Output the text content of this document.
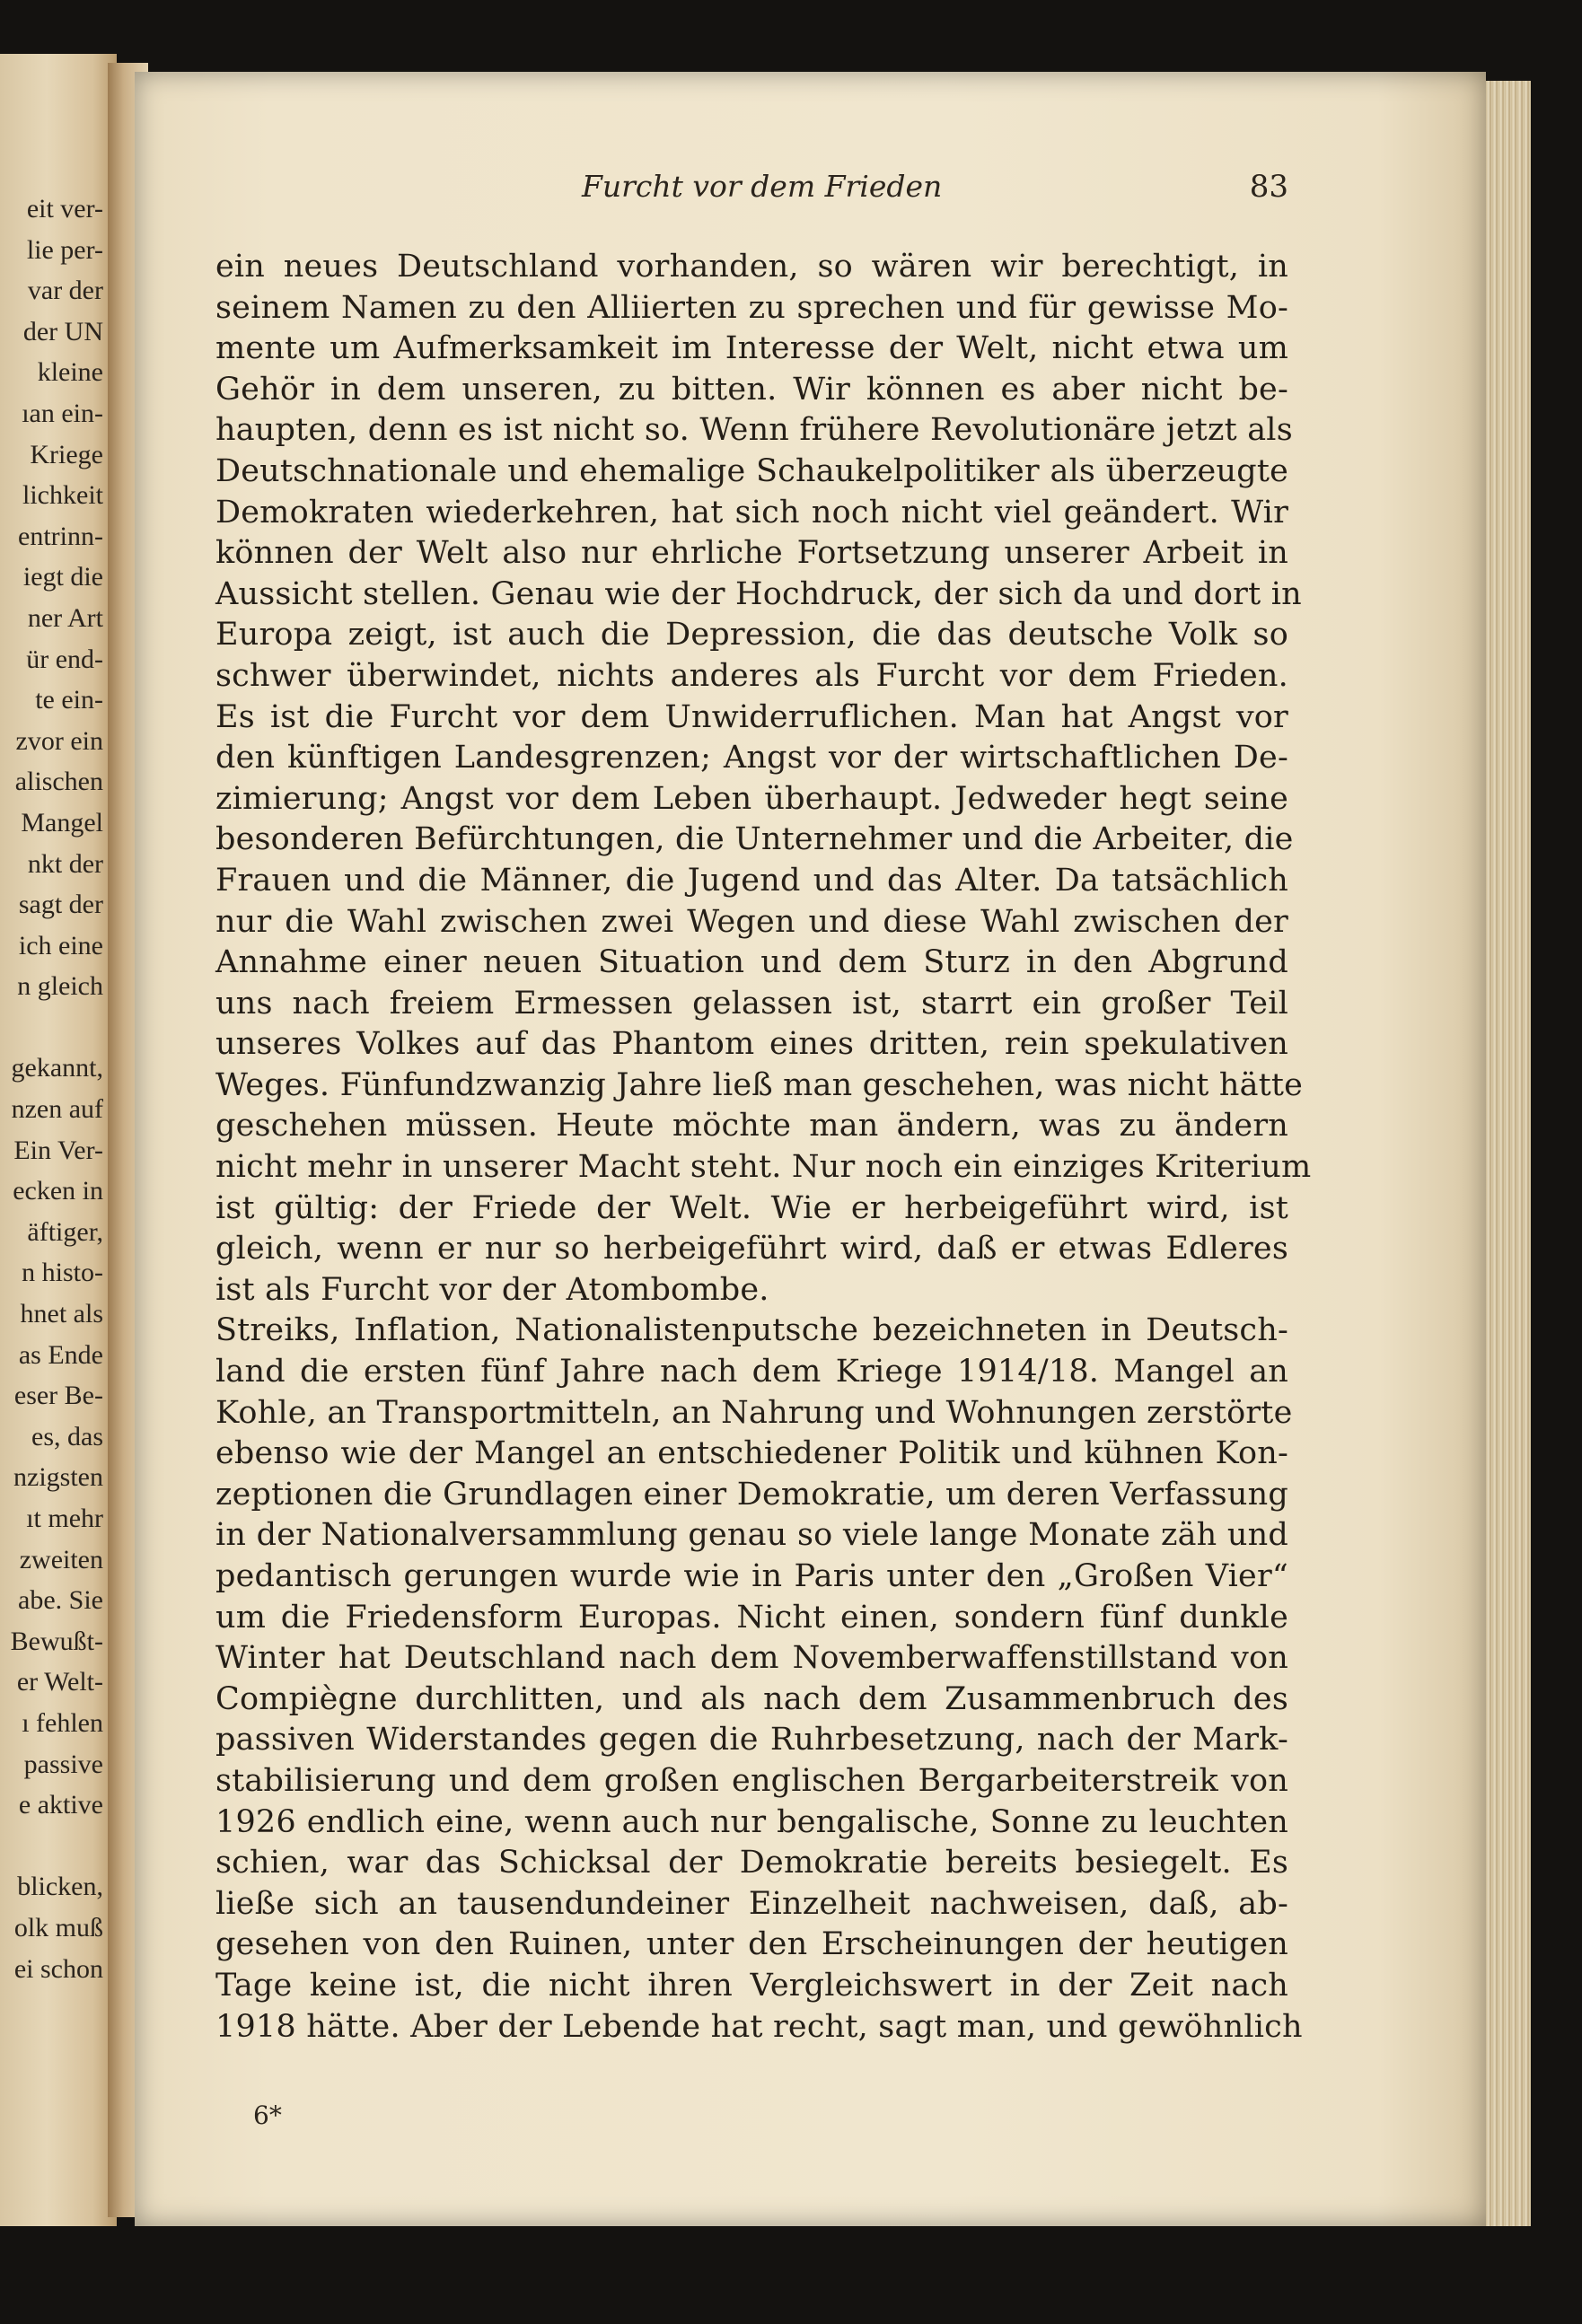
eit ver-
lie per-
var der
der UN
kleine
ıan ein-
Kriege
lichkeit
entrinn-
iegt die
ner Art
ür end-
te ein-
zvor ein
alischen
Mangel
nkt der
sagt der
ich eine
n gleich
gekannt,
nzen auf
Ein Ver-
ecken in
äftiger,
n histo-
hnet als
as Ende
eser Be-
es, das
nzigsten
ıt mehr
zweiten
abe. Sie
Bewußt-
er Welt-
ı fehlen
passive
e aktive
blicken,
olk muß
ei schon
Furcht vor dem Frieden	83
ein neues Deutschland vorhanden, so wären wir berechtigt, in
seinem Namen zu den Alliierten zu sprechen und für gewisse Mo-
mente um Aufmerksamkeit im Interesse der Welt, nicht etwa um
Gehör in dem unseren, zu bitten. Wir können es aber nicht be-
haupten, denn es ist nicht so. Wenn frühere Revolutionäre jetzt als
Deutschnationale und ehemalige Schaukelpolitiker als überzeugte
Demokraten wiederkehren, hat sich noch nicht viel geändert. Wir
können der Welt also nur ehrliche Fortsetzung unserer Arbeit in
Aussicht stellen. Genau wie der Hochdruck, der sich da und dort in
Europa zeigt, ist auch die Depression, die das deutsche Volk so
schwer überwindet, nichts anderes als Furcht vor dem Frieden.
Es ist die Furcht vor dem Unwiderruflichen. Man hat Angst vor
den künftigen Landesgrenzen; Angst vor der wirtschaftlichen De-
zimierung; Angst vor dem Leben überhaupt. Jedweder hegt seine
besonderen Befürchtungen, die Unternehmer und die Arbeiter, die
Frauen und die Männer, die Jugend und das Alter. Da tatsächlich
nur die Wahl zwischen zwei Wegen und diese Wahl zwischen der
Annahme einer neuen Situation und dem Sturz in den Abgrund
uns nach freiem Ermessen gelassen ist, starrt ein großer Teil
unseres Volkes auf das Phantom eines dritten, rein spekulativen
Weges. Fünfundzwanzig Jahre ließ man geschehen, was nicht hätte
geschehen müssen. Heute möchte man ändern, was zu ändern
nicht mehr in unserer Macht steht. Nur noch ein einziges Kriterium
ist gültig: der Friede der Welt. Wie er herbeigeführt wird, ist
gleich, wenn er nur so herbeigeführt wird, daß er etwas Edleres
ist als Furcht vor der Atombombe.
Streiks, Inflation, Nationalistenputsche bezeichneten in Deutsch-
land die ersten fünf Jahre nach dem Kriege 1914/18. Mangel an
Kohle, an Transportmitteln, an Nahrung und Wohnungen zerstörte
ebenso wie der Mangel an entschiedener Politik und kühnen Kon-
zeptionen die Grundlagen einer Demokratie, um deren Verfassung
in der Nationalversammlung genau so viele lange Monate zäh und
pedantisch gerungen wurde wie in Paris unter den „Großen Vier“
um die Friedensform Europas. Nicht einen, sondern fünf dunkle
Winter hat Deutschland nach dem Novemberwaffenstillstand von
Compiègne durchlitten, und als nach dem Zusammenbruch des
passiven Widerstandes gegen die Ruhrbesetzung, nach der Mark-
stabilisierung und dem großen englischen Bergarbeiterstreik von
1926 endlich eine, wenn auch nur bengalische, Sonne zu leuchten
schien, war das Schicksal der Demokratie bereits besiegelt. Es
ließe sich an tausendundeiner Einzelheit nachweisen, daß, ab-
gesehen von den Ruinen, unter den Erscheinungen der heutigen
Tage keine ist, die nicht ihren Vergleichswert in der Zeit nach
1918 hätte. Aber der Lebende hat recht, sagt man, und gewöhnlich
6*
